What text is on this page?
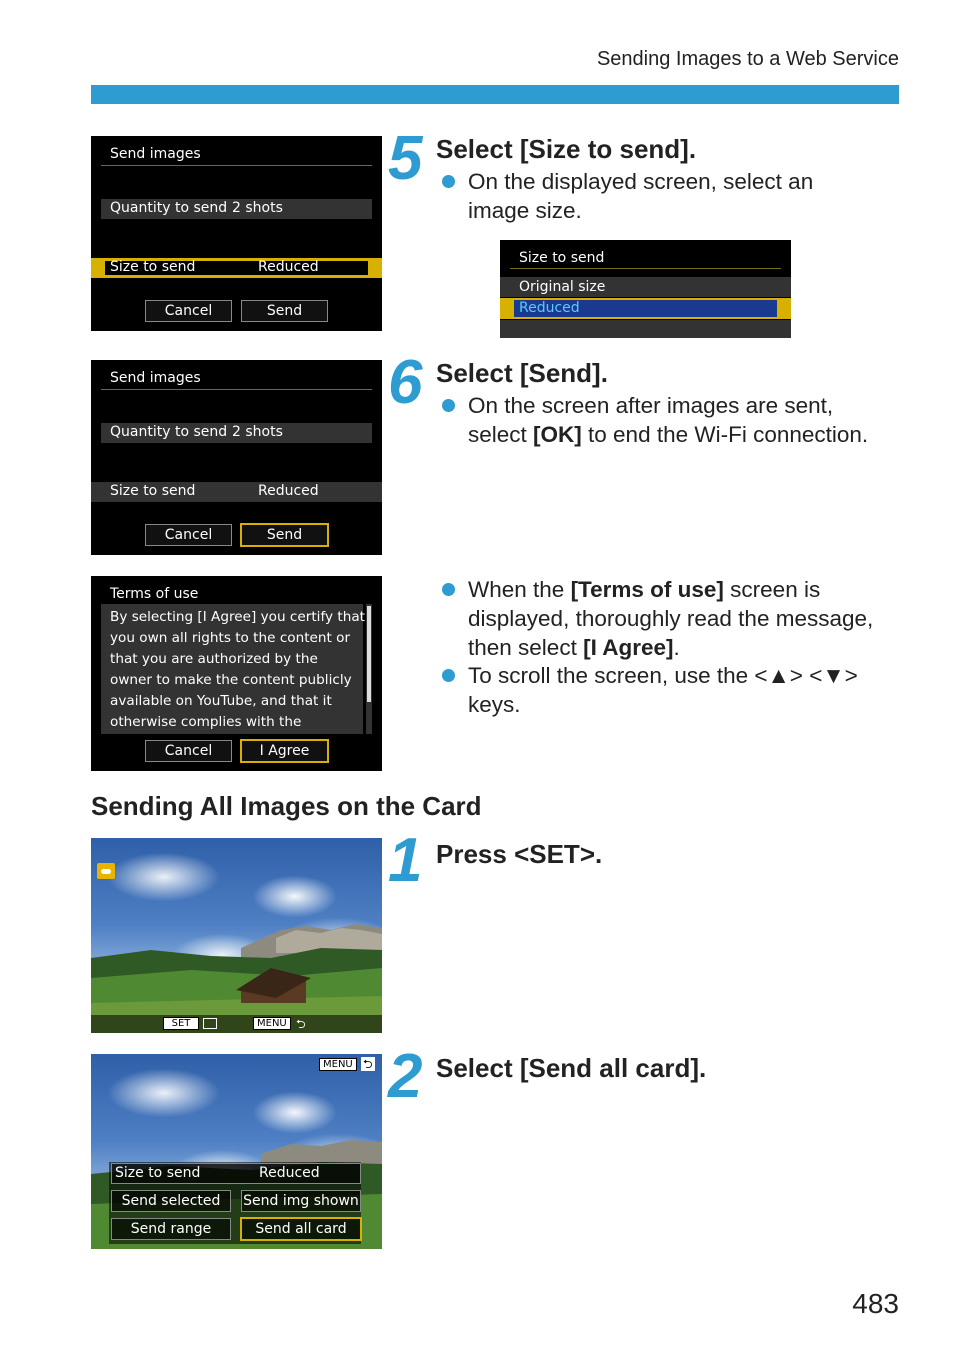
Sending Images to a Web Service
Send images
Quantity to send 2 shots
Size to send	Reduced
Cancel	Send
5 Select [Size to send].
On the displayed screen, select an
image size.
Size to send
Original size
Reduced
Send images
Quantity to send 2 shots
Size to send	Reduced
Cancel	Send
6 Select [Send].
On the screen after images are sent,
select [OK] to end the Wi-Fi connection.
Terms of use
By selecting [I Agree] you certify that
you own all rights to the content or
that you are authorized by the
owner to make the content publicly
available on YouTube, and that it
otherwise complies with the
Cancel	I Agree
When the [Terms of use] screen is
displayed, thoroughly read the message,
then select [I Agree].
To scroll the screen, use the <▲> <▼>
keys.
Sending All Images on the Card
SET	MENU ⮌
1 Press <SET>.
MENU ⮌
Size to send	Reduced
Send selected	Send img shown
Send range	Send all card
2 Select [Send all card].
483
